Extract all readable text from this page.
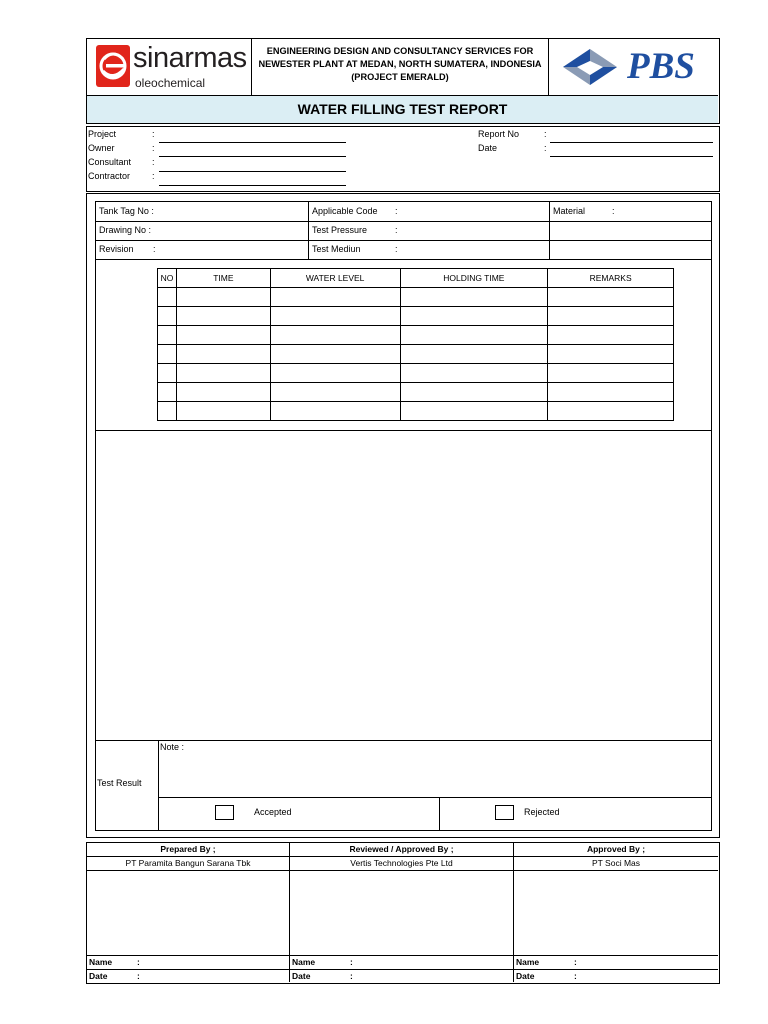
sinarmas
oleochemical
ENGINEERING DESIGN AND CONSULTANCY SERVICES FOR
NEWESTER PLANT AT MEDAN, NORTH SUMATERA, INDONESIA
(PROJECT EMERALD)	PBS
WATER FILLING TEST REPORT
Project	:
Owner	:
Consultant :
Contractor :
Report No	:
Date	:
Tank Tag No :	Applicable Code	:	Material	:
Drawing No :	Test Pressure	:
Revision	:	Test Mediun	:
NO	TIME	WATER LEVEL	HOLDING TIME	REMARKS

Test Result
Note :
Accepted	Rejected
Prepared By ;
PT Paramita Bangun Sarana Tbk
Name	:
Date	:
Reviewed / Approved By ;
Vertis Technologies Pte Ltd
Name	:
Date	:
Approved By ;
PT Soci Mas
Name	:
Date	:
